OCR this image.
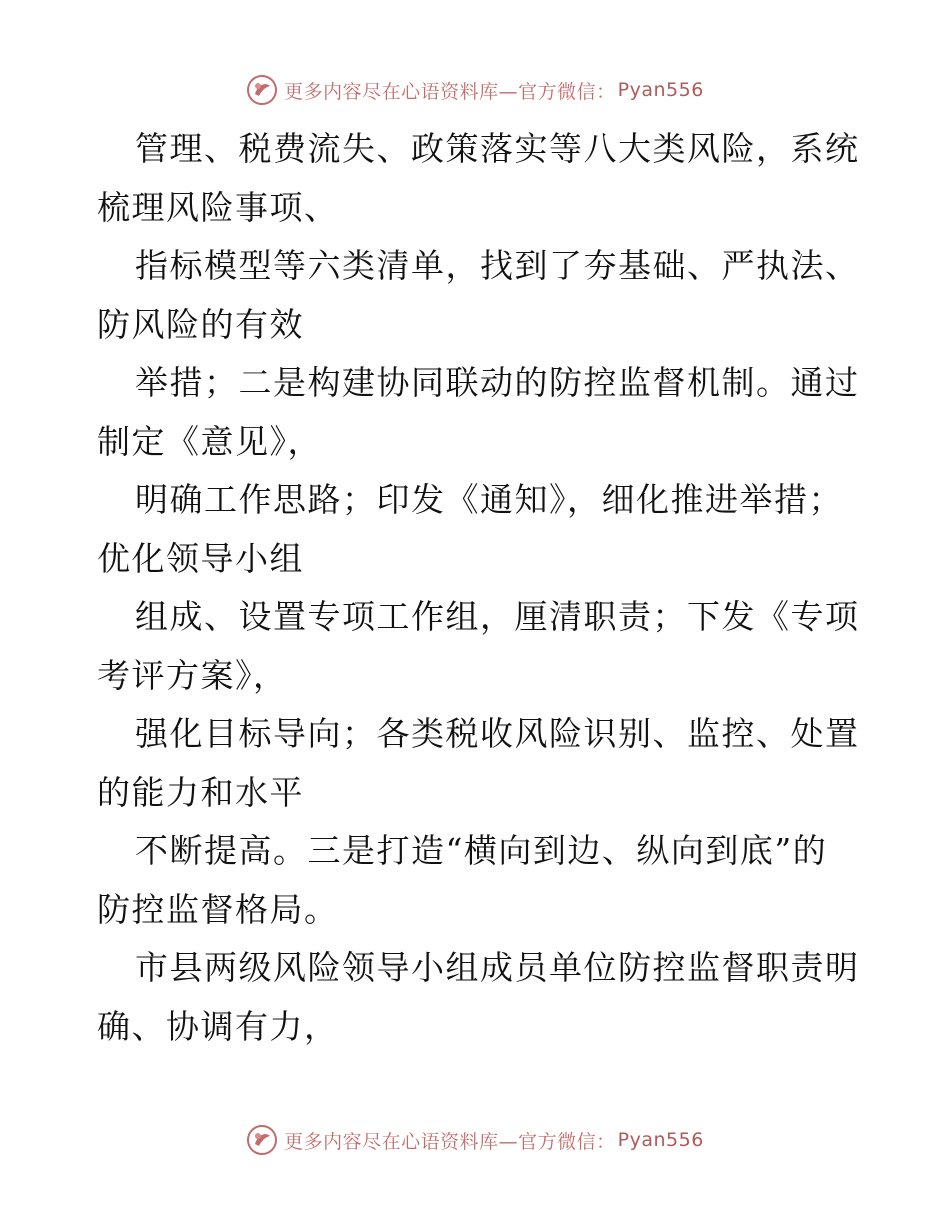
更多内容尽在心语资料库—官方微信： Pyan556
管理、税费流失、政策落实等八大类风险，系统
梳理风险事项、
指标模型等六类清单，找到了夯基础、严执法、
防风险的有效
举措；二是构建协同联动的防控监督机制。通过
制定《意见》，
明确工作思路；印发《通知》，细化推进举措；
优化领导小组
组成、设置专项工作组，厘清职责；下发《专项
考评方案》，
强化目标导向；各类税收风险识别、监控、处置
的能力和水平
不断提高。三是打造“横向到边、纵向到底”的
防控监督格局。
市县两级风险领导小组成员单位防控监督职责明
确、协调有力，
更多内容尽在心语资料库—官方微信： Pyan556
